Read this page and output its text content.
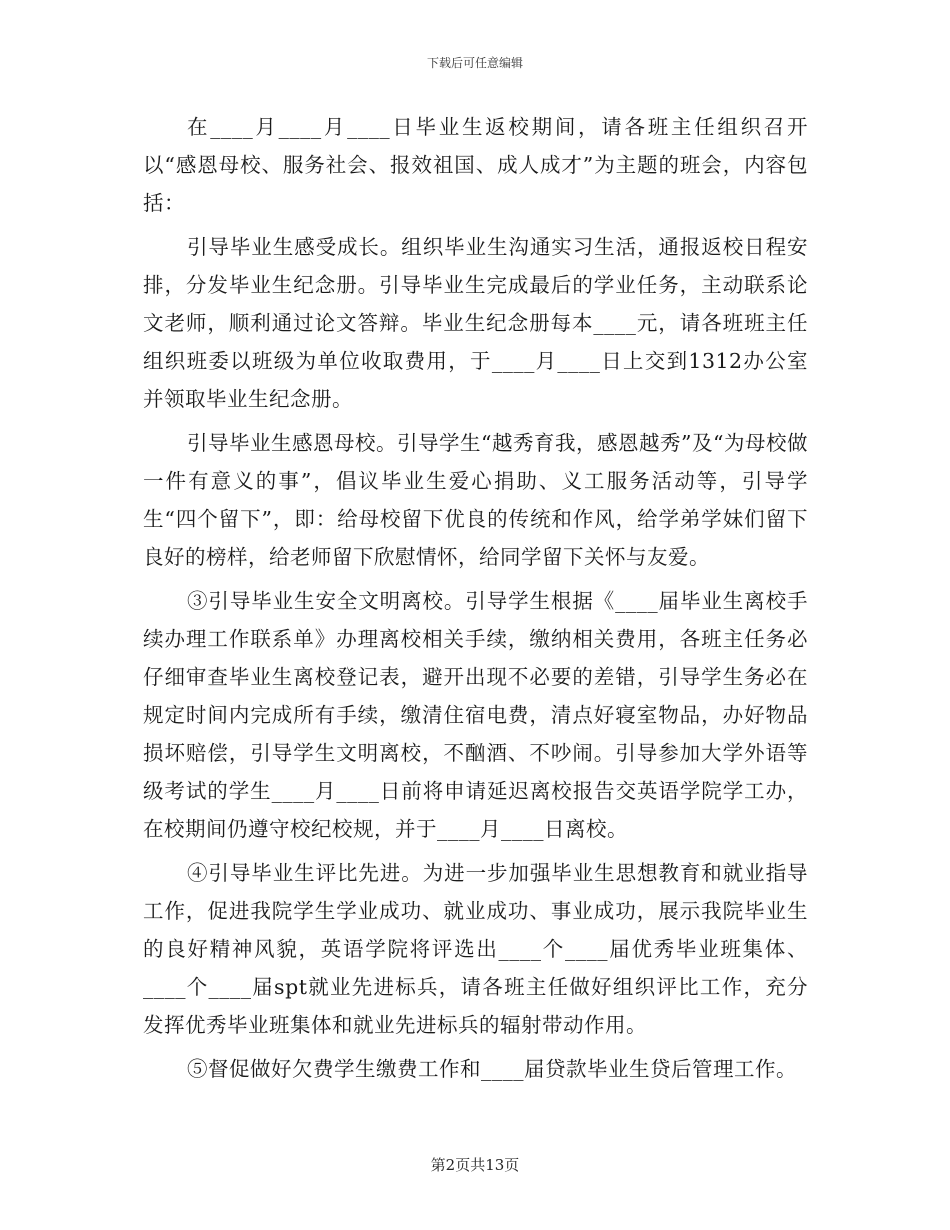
下载后可任意编辑

在____月____月____日毕业生返校期间，请各班主任组织召开以“感恩母校、服务社会、报效祖国、成人成才”为主题的班会，内容包括：

引导毕业生感受成长。组织毕业生沟通实习生活，通报返校日程安排，分发毕业生纪念册。引导毕业生完成最后的学业任务，主动联系论文老师，顺利通过论文答辩。毕业生纪念册每本____元，请各班班主任组织班委以班级为单位收取费用，于____月____日上交到1312办公室并领取毕业生纪念册。

引导毕业生感恩母校。引导学生“越秀育我，感恩越秀”及“为母校做一件有意义的事”，倡议毕业生爱心捐助、义工服务活动等，引导学生“四个留下”，即：给母校留下优良的传统和作风，给学弟学妹们留下良好的榜样，给老师留下欣慰情怀，给同学留下关怀与友爱。

③引导毕业生安全文明离校。引导学生根据《____届毕业生离校手续办理工作联系单》办理离校相关手续，缴纳相关费用，各班主任务必仔细审查毕业生离校登记表，避开出现不必要的差错，引导学生务必在规定时间内完成所有手续，缴清住宿电费，清点好寝室物品，办好物品损坏赔偿，引导学生文明离校，不酗酒、不吵闹。引导参加大学外语等级考试的学生____月____日前将申请延迟离校报告交英语学院学工办，在校期间仍遵守校纪校规，并于____月____日离校。

④引导毕业生评比先进。为进一步加强毕业生思想教育和就业指导工作，促进我院学生学业成功、就业成功、事业成功，展示我院毕业生的良好精神风貌，英语学院将评选出____个____届优秀毕业班集体、____个____届spt就业先进标兵，请各班主任做好组织评比工作，充分发挥优秀毕业班集体和就业先进标兵的辐射带动作用。

⑤督促做好欠费学生缴费工作和____届贷款毕业生贷后管理工作。

第2页共13页
